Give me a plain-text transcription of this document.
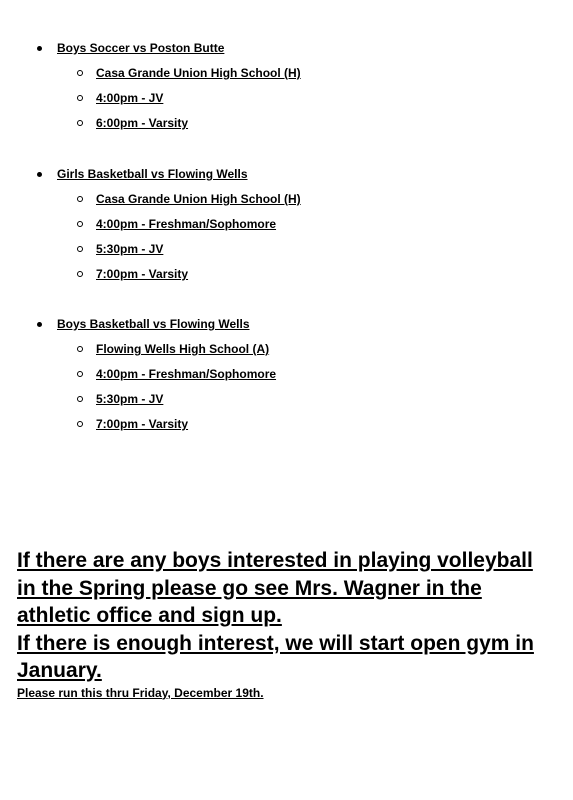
Boys Soccer vs Poston Butte
Casa Grande Union High School (H)
4:00pm - JV
6:00pm - Varsity
Girls Basketball vs Flowing Wells
Casa Grande Union High School (H)
4:00pm - Freshman/Sophomore
5:30pm - JV
7:00pm - Varsity
Boys Basketball vs Flowing Wells
Flowing Wells High School (A)
4:00pm - Freshman/Sophomore
5:30pm - JV
7:00pm - Varsity
If there are any boys interested in playing volleyball
in the Spring please go see Mrs. Wagner in the
athletic office and sign up.
If there is enough interest, we will start open gym in
January.
Please run this thru Friday, December 19th.
